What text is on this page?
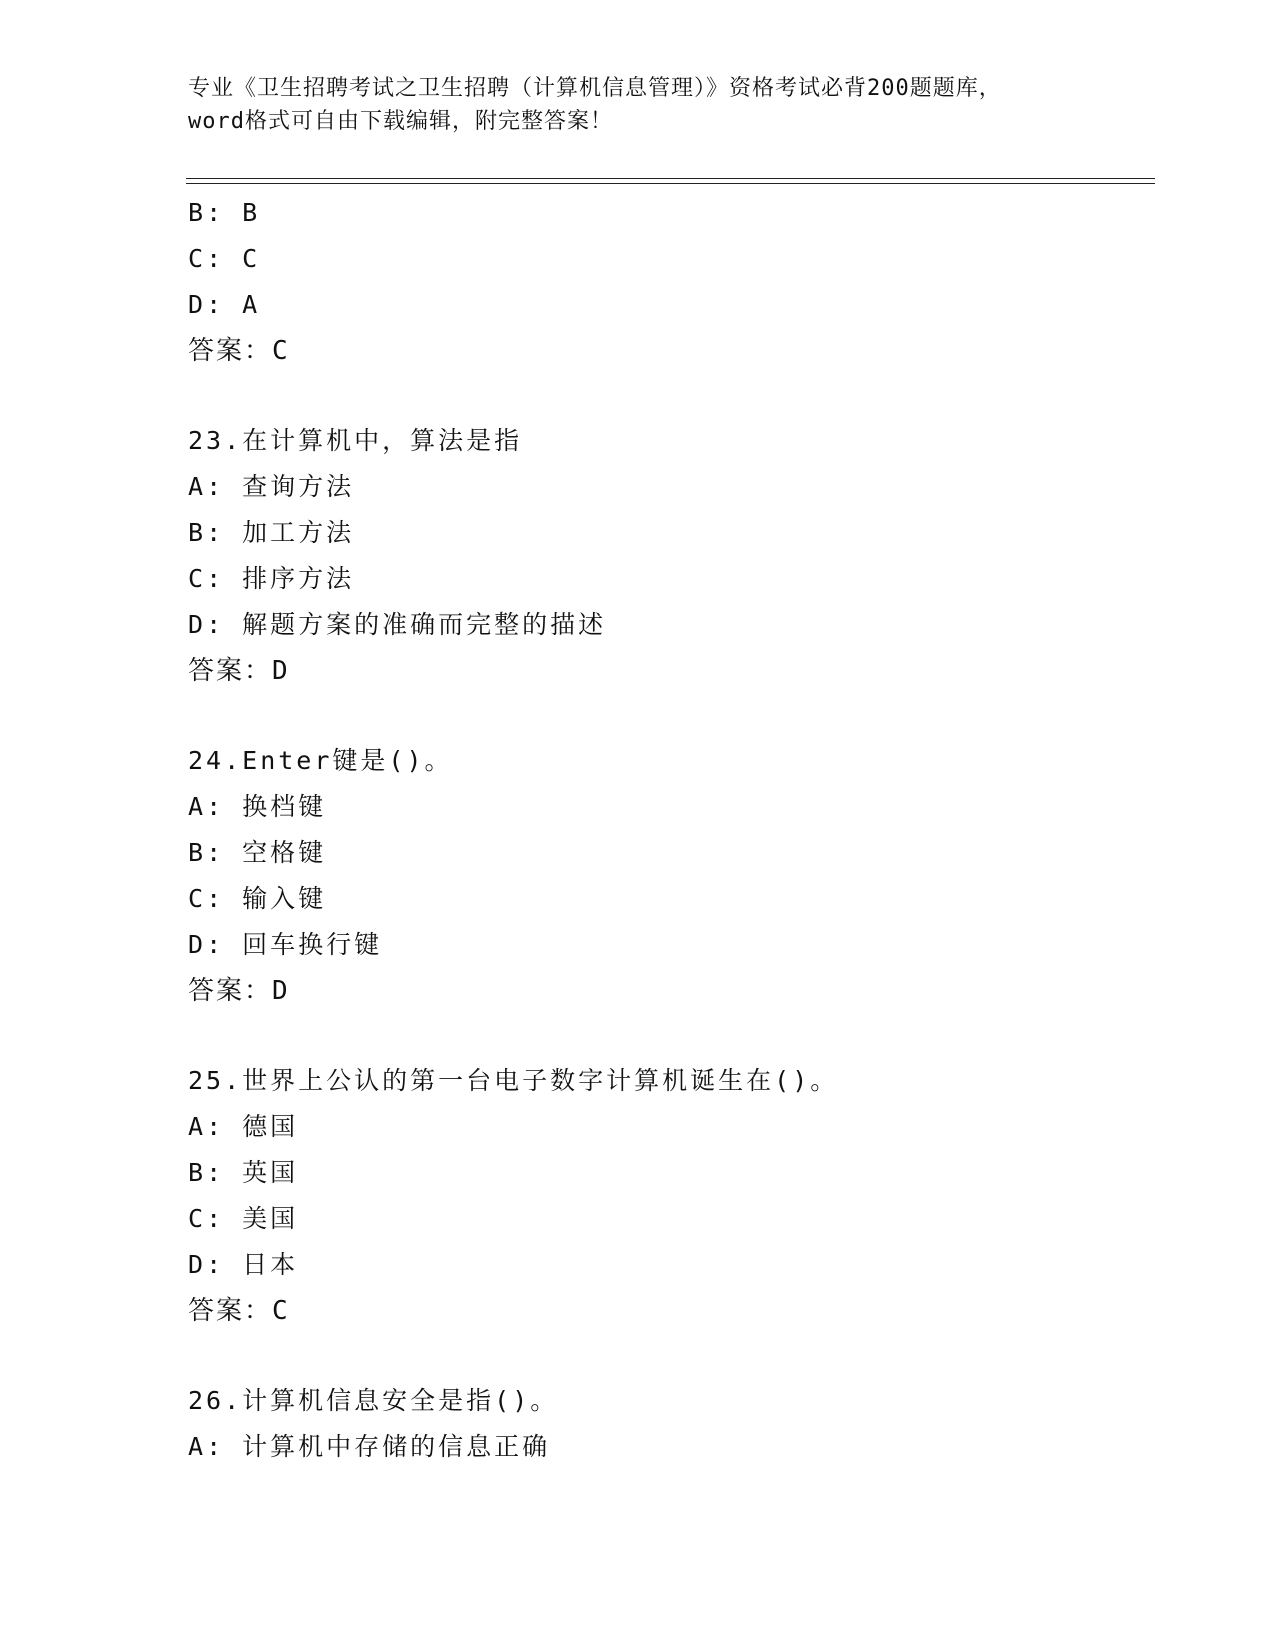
专业《卫生招聘考试之卫生招聘（计算机信息管理）》资格考试必背200题题库，
word格式可自由下载编辑，附完整答案！
B: B
C: C
D: A
答案：C
23.在计算机中，算法是指
A: 查询方法
B: 加工方法
C: 排序方法
D: 解题方案的准确而完整的描述
答案：D
24.Enter键是()。
A: 换档键
B: 空格键
C: 输入键
D: 回车换行键
答案：D
25.世界上公认的第一台电子数字计算机诞生在()。
A: 德国
B: 英国
C: 美国
D: 日本
答案：C
26.计算机信息安全是指()。
A: 计算机中存储的信息正确
